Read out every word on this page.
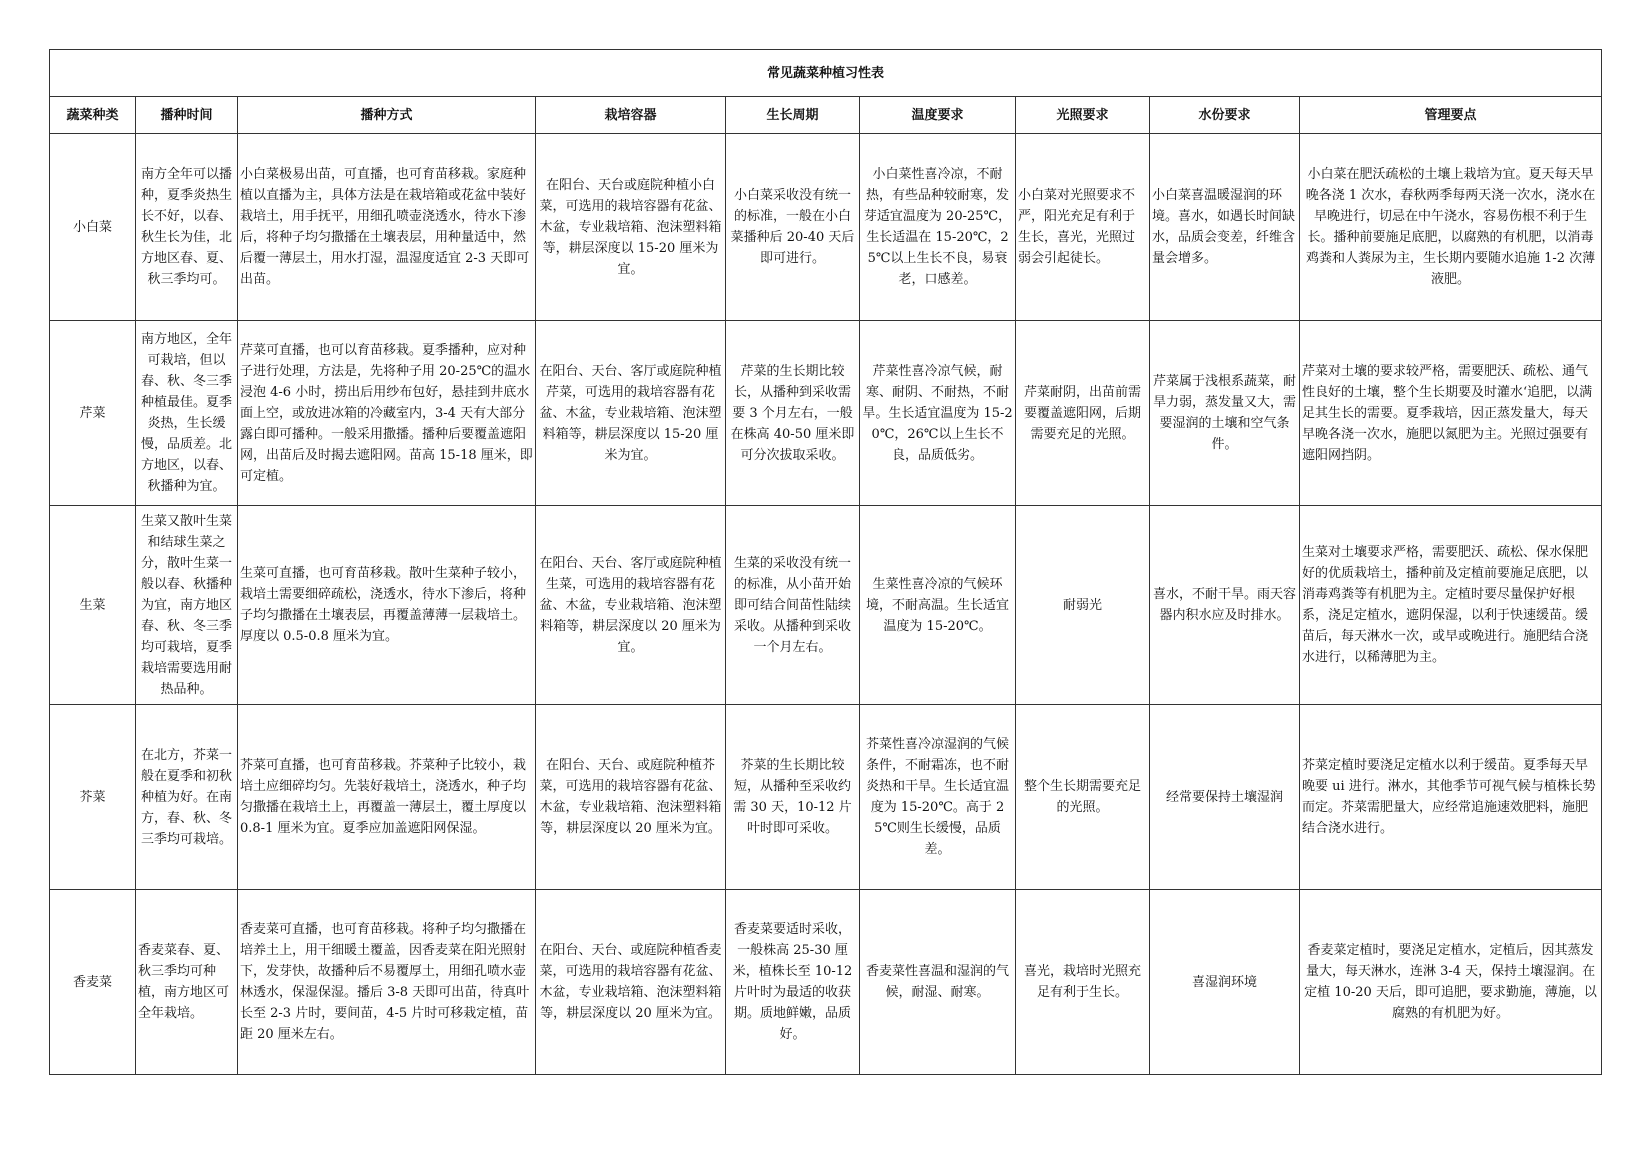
常见蔬菜种植习性表								
蔬菜种类	播种时间	播种方式	栽培容器	生长周期	温度要求	光照要求	水份要求	管理要点
小白菜	南方全年可以播种，夏季炎热生长不好，以春、秋生长为佳，北方地区春、夏、秋三季均可。	小白菜极易出苗，可直播，也可育苗移栽。家庭种植以直播为主，具体方法是在栽培箱或花盆中装好栽培土，用手抚平，用细孔喷壶浇透水，待水下渗后，将种子均匀撒播在土壤表层，用种量适中，然后覆一薄层土，用水打湿，温湿度适宜 2-3 天即可出苗。	在阳台、天台或庭院种植小白菜，可选用的栽培容器有花盆、木盆，专业栽培箱、泡沫塑料箱等，耕层深度以 15-20 厘米为宜。	小白菜采收没有统一的标准，一般在小白菜播种后 20-40 天后即可进行。	小白菜性喜冷凉，不耐热，有些品种较耐寒，发芽适宜温度为 20-25℃，生长适温在 15-20℃，25℃以上生长不良，易衰老，口感差。	小白菜对光照要求不严，阳光充足有利于生长，喜光，光照过弱会引起徒长。	小白菜喜温暖湿润的环境。喜水，如遇长时间缺水，品质会变差，纤维含量会增多。	小白菜在肥沃疏松的土壤上栽培为宜。夏天每天早晚各浇 1 次水，春秋两季每两天浇一次水，浇水在早晚进行，切忌在中午浇水，容易伤根不利于生长。播种前要施足底肥，以腐熟的有机肥，以消毒鸡粪和人粪尿为主，生长期内要随水追施 1-2 次薄液肥。
芹菜	南方地区，全年可栽培，但以春、秋、冬三季种植最佳。夏季炎热，生长缓慢，品质差。北方地区，以春、秋播种为宜。	芹菜可直播，也可以育苗移栽。夏季播种，应对种子进行处理，方法是，先将种子用 20-25℃的温水浸泡 4-6 小时，捞出后用纱布包好，悬挂到井底水面上空，或放进冰箱的冷藏室内，3-4 天有大部分露白即可播种。一般采用撒播。播种后要覆盖遮阳网，出苗后及时揭去遮阳网。苗高 15-18 厘米，即可定植。	在阳台、天台、客厅或庭院种植芹菜，可选用的栽培容器有花盆、木盆，专业栽培箱、泡沫塑料箱等，耕层深度以 15-20 厘米为宜。	芹菜的生长期比较长，从播种到采收需要 3 个月左右，一般在株高 40-50 厘米即可分次拔取采收。	芹菜性喜冷凉气候，耐寒、耐阴、不耐热，不耐旱。生长适宜温度为 15-20℃，26℃以上生长不良，品质低劣。	芹菜耐阴，出苗前需要覆盖遮阳网，后期需要充足的光照。	芹菜属于浅根系蔬菜，耐旱力弱，蒸发量又大，需要湿润的土壤和空气条件。	芹菜对土壤的要求较严格，需要肥沃、疏松、通气性良好的土壤，整个生长期要及时灌水‘追肥，以满足其生长的需要。夏季栽培，因正蒸发量大，每天早晚各浇一次水，施肥以氮肥为主。光照过强要有遮阳网挡阴。
生菜	生菜又散叶生菜和结球生菜之分，散叶生菜一般以春、秋播种为宜，南方地区春、秋、冬三季均可栽培，夏季栽培需要选用耐热品种。	生菜可直播，也可育苗移栽。散叶生菜种子较小，栽培土需要细碎疏松，浇透水，待水下渗后，将种子均匀撒播在土壤表层，再覆盖薄薄一层栽培土。厚度以 0.5-0.8 厘米为宜。	在阳台、天台、客厅或庭院种植生菜，可选用的栽培容器有花盆、木盆，专业栽培箱、泡沫塑料箱等，耕层深度以 20 厘米为宜。	生菜的采收没有统一的标准，从小苗开始即可结合间苗性陆续采收。从播种到采收一个月左右。	生菜性喜冷凉的气候环境，不耐高温。生长适宜温度为 15-20℃。	耐弱光	喜水，不耐干旱。雨天容器内积水应及时排水。	生菜对土壤要求严格，需要肥沃、疏松、保水保肥好的优质栽培土，播种前及定植前要施足底肥，以消毒鸡粪等有机肥为主。定植时要尽量保护好根系，浇足定植水，遮阴保湿，以利于快速缓苗。缓苗后，每天淋水一次，或早或晚进行。施肥结合浇水进行，以稀薄肥为主。
芥菜	在北方，芥菜一般在夏季和初秋种植为好。在南方，春、秋、冬三季均可栽培。	芥菜可直播，也可育苗移栽。芥菜种子比较小，栽培土应细碎均匀。先装好栽培土，浇透水，种子均匀撒播在栽培土上，再覆盖一薄层土，覆土厚度以 0.8-1 厘米为宜。夏季应加盖遮阳网保湿。	在阳台、天台、或庭院种植芥菜，可选用的栽培容器有花盆、木盆，专业栽培箱、泡沫塑料箱等，耕层深度以 20 厘米为宜。	芥菜的生长期比较短，从播种至采收约需 30 天，10-12 片叶时即可采收。	芥菜性喜冷凉湿润的气候条件，不耐霜冻，也不耐炎热和干旱。生长适宜温度为 15-20℃。高于 25℃则生长缓慢，品质差。	整个生长期需要充足的光照。	经常要保持土壤湿润	芥菜定植时要浇足定植水以利于缓苗。夏季每天早晚要 ui 进行。淋水，其他季节可视气候与植株长势而定。芥菜需肥量大，应经常追施速效肥料，施肥结合浇水进行。
香麦菜	香麦菜春、夏、秋三季均可种植，南方地区可全年栽培。	香麦菜可直播，也可育苗移栽。将种子均匀撒播在培养土上，用干细暖土覆盖，因香麦菜在阳光照射下，发芽快，故播种后不易覆厚土，用细孔喷水壶林透水，保湿保湿。播后 3-8 天即可出苗，待真叶长至 2-3 片时，要间苗，4-5 片时可移栽定植，苗距 20 厘米左右。	在阳台、天台、或庭院种植香麦菜，可选用的栽培容器有花盆、木盆，专业栽培箱、泡沫塑料箱等，耕层深度以 20 厘米为宜。	香麦菜要适时采收，一般株高 25-30 厘米，植株长至 10-12 片叶时为最适的收获期。质地鲜嫩，品质好。	香麦菜性喜温和湿润的气候，耐湿、耐寒。	喜光，栽培时光照充足有利于生长。	喜湿润环境	香麦菜定植时，要浇足定植水，定植后，因其蒸发量大，每天淋水，连淋 3-4 天，保持土壤湿润。在定植 10-20 天后，即可追肥，要求勤施，薄施，以腐熟的有机肥为好。
